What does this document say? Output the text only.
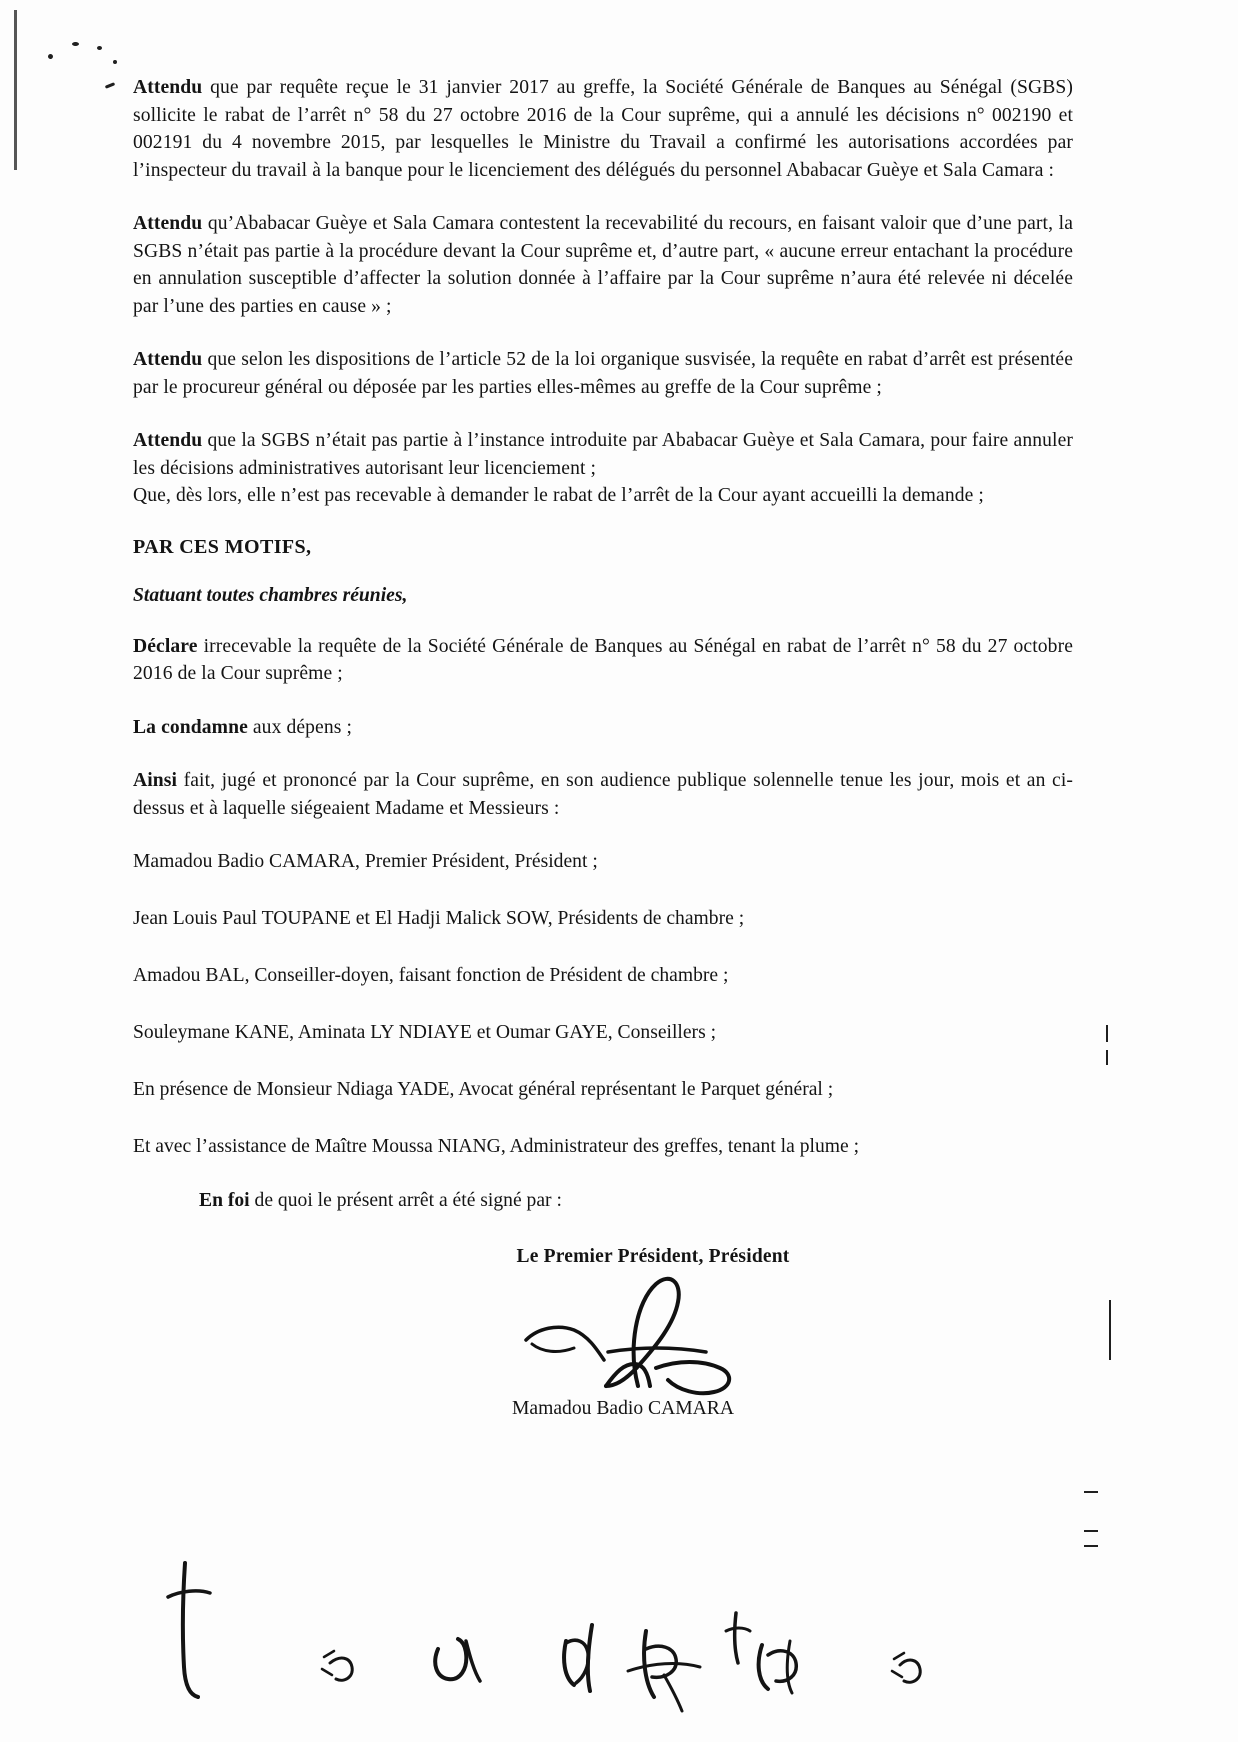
Attendu que par requête reçue le 31 janvier 2017 au greffe, la Société Générale de Banques au Sénégal (SGBS) sollicite le rabat de l’arrêt n° 58 du 27 octobre 2016 de la Cour suprême, qui a annulé les décisions n° 002190 et 002191 du 4 novembre 2015, par lesquelles le Ministre du Travail a confirmé les autorisations accordées par l’inspecteur du travail à la banque pour le licenciement des délégués du personnel Ababacar Guèye et Sala Camara :

Attendu qu’Ababacar Guèye et Sala Camara contestent la recevabilité du recours, en faisant valoir que d’une part, la SGBS n’était pas partie à la procédure devant la Cour suprême et, d’autre part, « aucune erreur entachant la procédure en annulation susceptible d’affecter la solution donnée à l’affaire par la Cour suprême n’aura été relevée ni décelée par l’une des parties en cause » ;

Attendu que selon les dispositions de l’article 52 de la loi organique susvisée, la requête en rabat d’arrêt est présentée par le procureur général ou déposée par les parties elles-mêmes au greffe de la Cour suprême ;

Attendu que la SGBS n’était pas partie à l’instance introduite par Ababacar Guèye et Sala Camara, pour faire annuler les décisions administratives autorisant leur licenciement ;

Que, dès lors, elle n’est pas recevable à demander le rabat de l’arrêt de la Cour ayant accueilli la demande ;

PAR CES MOTIFS,
Statuant toutes chambres réunies,

Déclare irrecevable la requête de la Société Générale de Banques au Sénégal en rabat de l’arrêt n° 58 du 27 octobre 2016 de la Cour suprême ;

La condamne aux dépens ;

Ainsi fait, jugé et prononcé par la Cour suprême, en son audience publique solennelle tenue les jour, mois et an ci-dessus et à laquelle siégeaient Madame et Messieurs :

Mamadou Badio CAMARA, Premier Président, Président ;
Jean Louis Paul TOUPANE et El Hadji Malick SOW, Présidents de chambre ;
Amadou BAL, Conseiller-doyen, faisant fonction de Président de chambre ;
Souleymane KANE, Aminata LY NDIAYE et Oumar GAYE, Conseillers ;
En présence de Monsieur Ndiaga YADE, Avocat général représentant le Parquet général ;
Et avec l’assistance de Maître Moussa NIANG, Administrateur des greffes, tenant la plume ;

En foi de quoi le présent arrêt a été signé par :

Le Premier Président, Président
Mamadou Badio CAMARA
